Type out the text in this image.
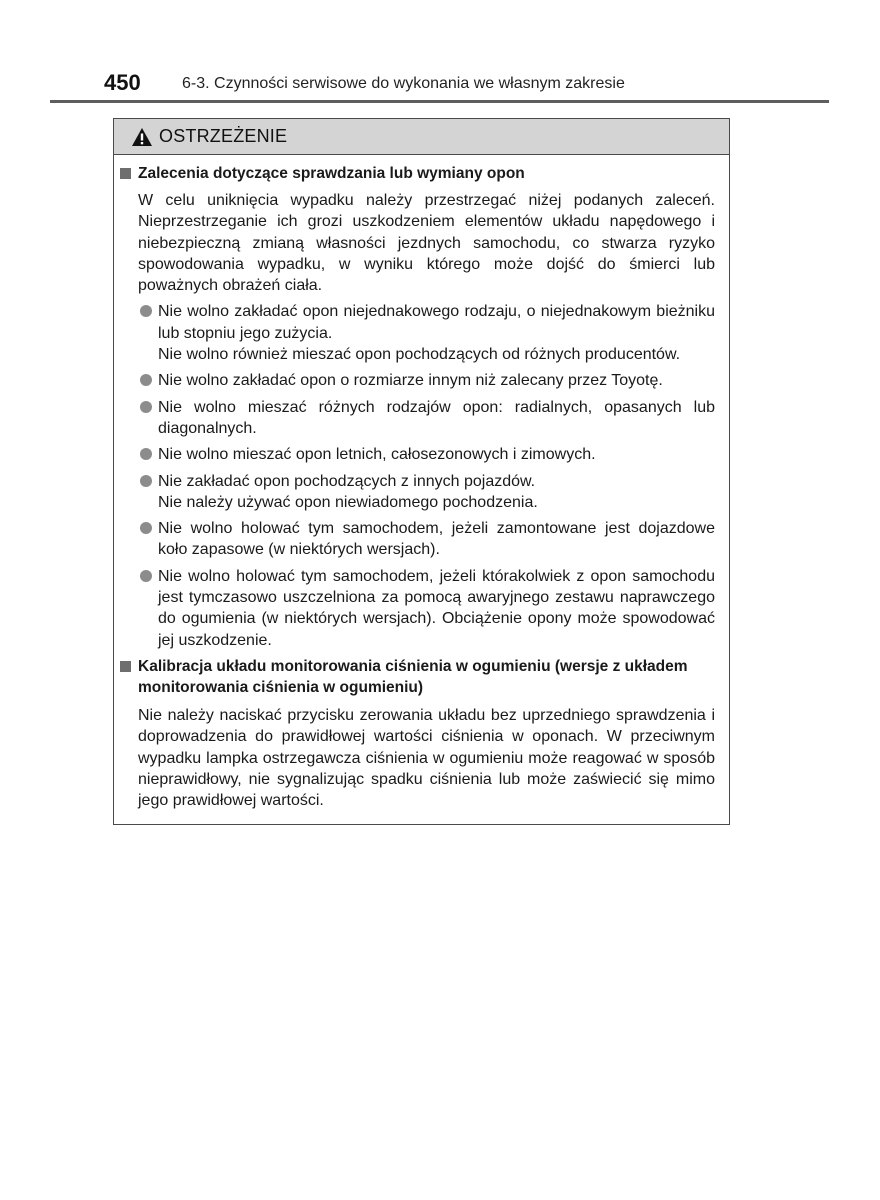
450	6-3. Czynności serwisowe do wykonania we własnym zakresie
OSTRZEŻENIE
Zalecenia dotyczące sprawdzania lub wymiany opon

W celu uniknięcia wypadku należy przestrzegać niżej podanych zaleceń. Nieprzestrzeganie ich grozi uszkodzeniem elementów układu napędowego i niebezpieczną zmianą własności jezdnych samochodu, co stwarza ryzyko spowodowania wypadku, w wyniku którego może dojść do śmierci lub poważnych obrażeń ciała.

Nie wolno zakładać opon niejednakowego rodzaju, o niejednakowym bieżniku lub stopniu jego zużycia.
Nie wolno również mieszać opon pochodzących od różnych producentów.
Nie wolno zakładać opon o rozmiarze innym niż zalecany przez Toyotę.
Nie wolno mieszać różnych rodzajów opon: radialnych, opasanych lub diagonalnych.
Nie wolno mieszać opon letnich, całosezonowych i zimowych.
Nie zakładać opon pochodzących z innych pojazdów.
Nie należy używać opon niewiadomego pochodzenia.
Nie wolno holować tym samochodem, jeżeli zamontowane jest dojazdowe koło zapasowe (w niektórych wersjach).
Nie wolno holować tym samochodem, jeżeli którakolwiek z opon samochodu jest tymczasowo uszczelniona za pomocą awaryjnego zestawu naprawczego do ogumienia (w niektórych wersjach). Obciążenie opony może spowodować jej uszkodzenie.
Kalibracja układu monitorowania ciśnienia w ogumieniu (wersje z układem monitorowania ciśnienia w ogumieniu)

Nie należy naciskać przycisku zerowania układu bez uprzedniego sprawdzenia i doprowadzenia do prawidłowej wartości ciśnienia w oponach. W przeciwnym wypadku lampka ostrzegawcza ciśnienia w ogumieniu może reagować w sposób nieprawidłowy, nie sygnalizując spadku ciśnienia lub może zaświecić się mimo jego prawidłowej wartości.
